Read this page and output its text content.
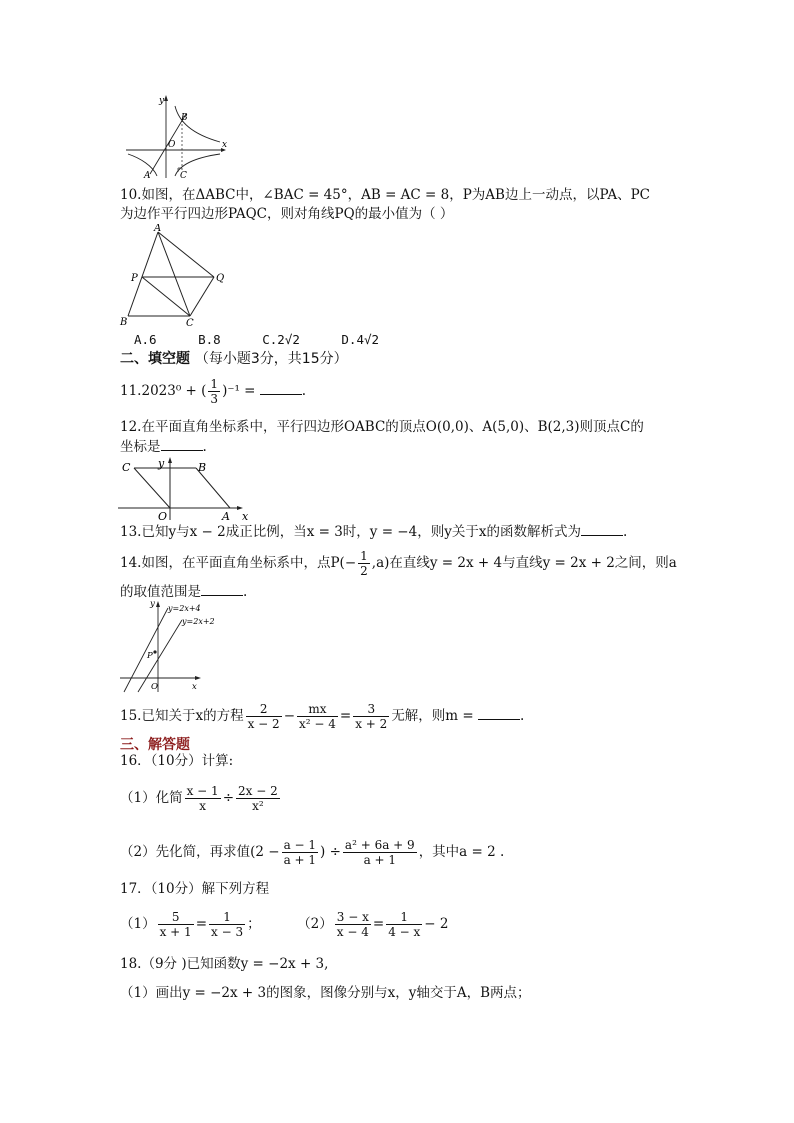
y
x
B
O
A	C
10.如图，在ΔABC中，∠BAC = 45°，AB = AC = 8，P为AB边上一动点，以PA、PC
为边作平行四边形PAQC，则对角线PQ的最小值为（ ）
A
P	Q
B	C
A.6	B.8	C.2√2	D.4√2
二、填空题 （每小题3分，共15分）
11.2023⁰ + ( $\frac{1}{3} )^{-1}$ =	.
12.在平面直角坐标系中，平行四边形OABC的顶点O(0,0)、A(5,0)、B(2,3)则顶点C的
坐标是	.
C	y	B
O	A x
13.已知y与x − 2成正比例，当x = 3时，y = −4，则y关于x的函数解析式为	.
14.如图，在平面直角坐标系中，点$P(- \frac{1}{2} ,a)$在直线y = 2x + 4与直线y = 2x + 2之间，则a
的取值范围是	.
y y=2x+4
y=2x+2
P
O	x
15.已知关于x的方程 $\frac{2}{x - 2} - \frac{mx}{\text{x² − 4}} = \frac{3}{x + 2}$ 无解，则m =	.
三、解答题
16．（10分）计算:
（1）化简 $\frac{x - 1}{x} \div \frac{2x - 2}{\text{x²}}$
（2）先化简，再求值($2 - \frac{a - 1}{a + 1}$ ) ÷ $\frac{\text{a² + 6a + 9}}{a + 1}$ ，其中a = 2 .
17．（10分）解下列方程
$(1) \frac{5}{x + 1} = \frac{1}{x - 3}$ ；	$(2) \frac{3 - x}{x - 4} = \frac{1}{4 - x} - 2$
18.（9分 )已知函数y = −2x + 3,
（1）画出y = −2x + 3的图象，图像分别与x，y轴交于A，B两点；
